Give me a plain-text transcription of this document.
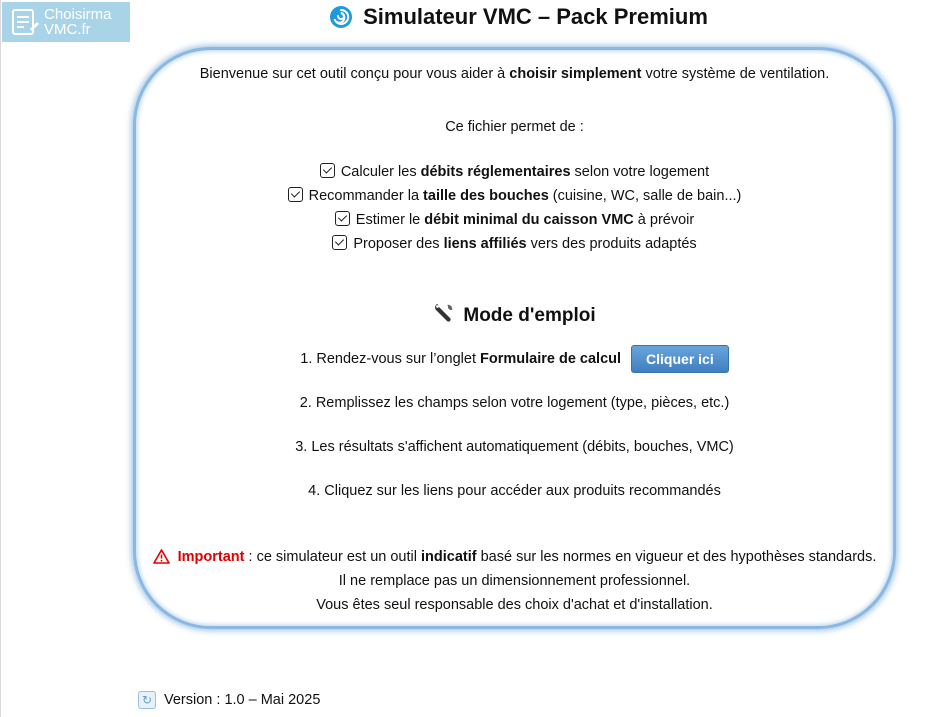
Choisirma
VMC.fr
Simulateur VMC – Pack Premium
Bienvenue sur cet outil conçu pour vous aider à choisir simplement votre système de ventilation.
Ce fichier permet de :
Calculer les débits réglementaires selon votre logement
Recommander la taille des bouches (cuisine, WC, salle de bain...)
Estimer le débit minimal du caisson VMC à prévoir
Proposer des liens affiliés vers des produits adaptés
Mode d'emploi
1. Rendez-vous sur l’onglet Formulaire de calcul Cliquer ici
2. Remplissez les champs selon votre logement (type, pièces, etc.)
3. Les résultats s'affichent automatiquement (débits, bouches, VMC)
4. Cliquez sur les liens pour accéder aux produits recommandés
Important : ce simulateur est un outil indicatif basé sur les normes en vigueur et des hypothèses standards.
Il ne remplace pas un dimensionnement professionnel.
Vous êtes seul responsable des choix d'achat et d'installation.
↻ Version : 1.0 – Mai 2025
